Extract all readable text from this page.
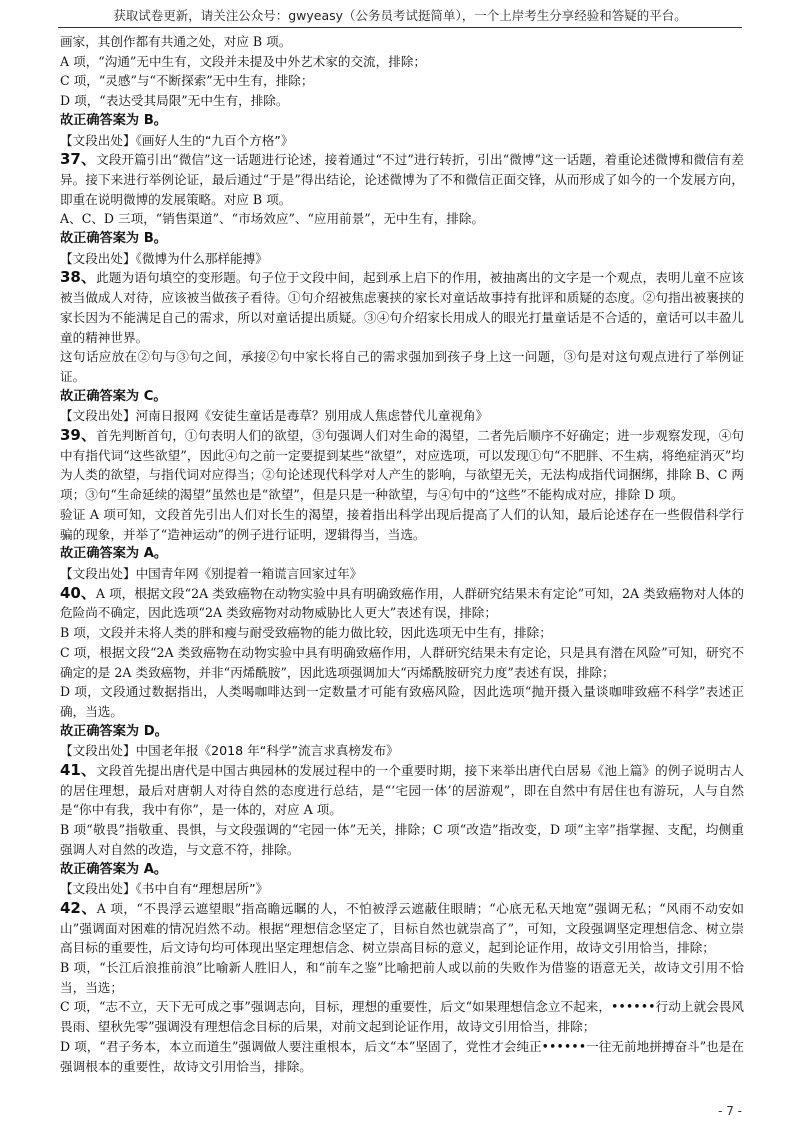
获取试卷更新，请关注公众号：gwyeasy（公务员考试挺简单），一个上岸考生分享经验和答疑的平台。

画家，其创作都有共通之处，对应 B 项。

A 项，“沟通”无中生有，文段并未提及中外艺术家的交流，排除；

C 项，“灵感”与“不断探索”无中生有，排除；

D 项，“表达受其局限”无中生有，排除。

故正确答案为 B。

【文段出处】《画好人生的“九百个方格”》

37、文段开篇引出“微信”这一话题进行论述，接着通过“不过”进行转折，引出“微博”这一话题，着重论述微博和微信有差异。接下来进行举例论证，最后通过“于是”得出结论，论述微博为了不和微信正面交锋，从而形成了如今的一个发展方向，即重在说明微博的发展策略。对应 B 项。

A、C、D 三项，“销售渠道”、“市场效应”、“应用前景”，无中生有，排除。

故正确答案为 B。

【文段出处】《微博为什么那样能搏》

38、此题为语句填空的变形题。句子位于文段中间，起到承上启下的作用，被抽离出的文字是一个观点，表明儿童不应该被当做成人对待，应该被当做孩子看待。①句介绍被焦虑裹挟的家长对童话故事持有批评和质疑的态度。②句指出被裹挟的家长因为不能满足自己的需求，所以对童话提出质疑。③④句介绍家长用成人的眼光打量童话是不合适的，童话可以丰盈儿童的精神世界。

这句话应放在②句与③句之间，承接②句中家长将自己的需求强加到孩子身上这一问题，③句是对这句观点进行了举例证证。

故正确答案为 C。

【文段出处】河南日报网《安徒生童话是毒草？别用成人焦虑替代儿童视角》

39、首先判断首句，①句表明人们的欲望，③句强调人们对生命的渴望，二者先后顺序不好确定；进一步观察发现，④句中有指代词“这些欲望”，因此④句之前一定要提到某些“欲望”，对应选项，可以发现①句“不肥胖、不生病，将绝症消灭”均为人类的欲望，与指代词对应得当；②句论述现代科学对人产生的影响，与欲望无关，无法构成指代词捆绑，排除 B、C 两项；③句“生命延续的渴望”虽然也是“欲望”，但是只是一种欲望，与④句中的“这些”不能构成对应，排除 D 项。

验证 A 项可知，文段首先引出人们对长生的渴望，接着指出科学出现后提高了人们的认知，最后论述存在一些假借科学行骗的现象，并举了“造神运动”的例子进行证明，逻辑得当，当选。

故正确答案为 A。

【文段出处】中国青年网《别提着一箱谎言回家过年》

40、A 项，根据文段“2A 类致癌物在动物实验中具有明确致癌作用，人群研究结果未有定论”可知，2A 类致癌物对人体的危险尚不确定，因此选项“2A 类致癌物对动物威胁比人更大”表述有误，排除；

B 项，文段并未将人类的胖和瘦与耐受致癌物的能力做比较，因此选项无中生有，排除；

C 项，根据文段“2A 类致癌物在动物实验中具有明确致癌作用，人群研究结果未有定论，只是具有潜在风险”可知，研究不确定的是 2A 类致癌物，并非“丙烯酰胺”，因此选项强调加大“丙烯酰胺研究力度”表述有误，排除；

D 项，文段通过数据指出，人类喝咖啡达到一定数量才可能有致癌风险，因此选项“抛开摄入量谈咖啡致癌不科学”表述正确，当选。

故正确答案为 D。

【文段出处】中国老年报《2018 年“科学”流言求真榜发布》

41、文段首先提出唐代是中国古典园林的发展过程中的一个重要时期，接下来举出唐代白居易《池上篇》的例子说明古人的居住理想，最后对唐朝人对待自然的态度进行总结，是“‘宅园一体’的居游观”，即在自然中有居住也有游玩，人与自然是“你中有我，我中有你”，是一体的，对应 A 项。

B 项“敬畏”指敬重、畏惧，与文段强调的“宅园一体”无关，排除；C 项“改造”指改变，D 项“主宰”指掌握、支配，均侧重强调人对自然的改造，与文意不符，排除。

故正确答案为 A。

【文段出处】《书中自有“理想居所”》

42、A 项，“不畏浮云遮望眼”指高瞻远瞩的人，不怕被浮云遮蔽住眼睛；“心底无私天地宽”强调无私；“风雨不动安如山”强调面对困难的情况岿然不动。根据“理想信念坚定了，目标自然也就崇高了”，可知，文段强调坚定理想信念、树立崇高目标的重要性，后文诗句均可体现出坚定理想信念、树立崇高目标的意义，起到论证作用，故诗文引用恰当，排除；

B 项，“长江后浪推前浪”比喻新人胜旧人，和“前车之鉴”比喻把前人或以前的失败作为借鉴的语意无关，故诗文引用不恰当，当选；

C 项，“志不立，天下无可成之事”强调志向，目标，理想的重要性，后文“如果理想信念立不起来，••••••行动上就会畏风畏雨、望秋先零”强调没有理想信念目标的后果，对前文起到论证作用，故诗文引用恰当，排除；

D 项，“君子务本，本立而道生”强调做人要注重根本，后文“本”坚固了，党性才会纯正••••••一往无前地拼搏奋斗”也是在强调根本的重要性，故诗文引用恰当，排除。

- 7 -
